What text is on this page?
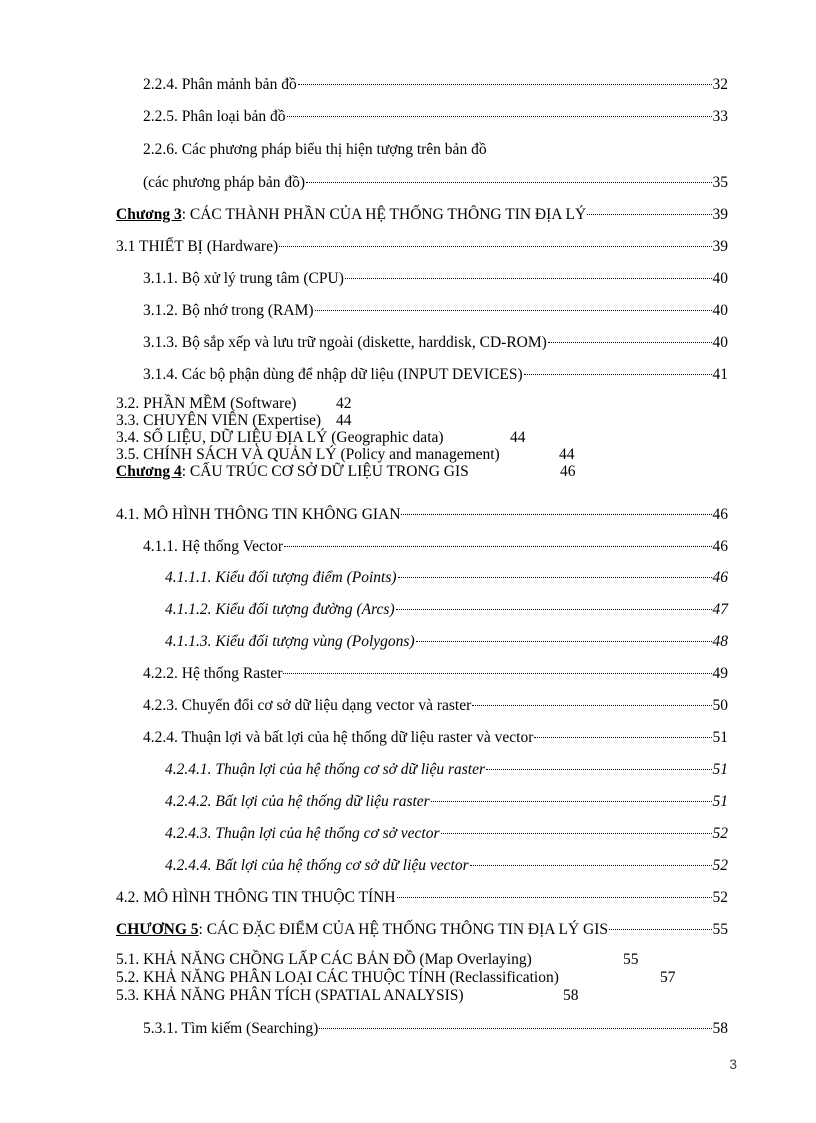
2.2.4. Phân mảnh bản đồ	32
2.2.5. Phân loại bản đồ	33
2.2.6. Các phương pháp biểu thị hiện tượng trên bản đồ
(các phương pháp bản đồ)	35
Chương 3: CÁC THÀNH PHẦN CỦA HỆ THỐNG THÔNG TIN ĐỊA LÝ	39
3.1 THIẾT BỊ (Hardware)	39
3.1.1. Bộ xử lý trung tâm (CPU)	40
3.1.2. Bộ nhớ trong (RAM)	40
3.1.3. Bộ sắp xếp và lưu trữ ngoài (diskette, harddisk, CD-ROM)	40
3.1.4. Các bộ phận dùng để nhập dữ liệu (INPUT DEVICES)	41
3.2. PHẦN MỀM (Software)	42
3.3. CHUYÊN VIÊN (Expertise) 44
3.4. SỐ LIỆU, DỮ LIỆU ĐỊA LÝ (Geographic data)	44
3.5. CHÍNH SÁCH VÀ QUẢN LÝ (Policy and management)	44
Chương 4: CẤU TRÚC CƠ SỞ DỮ LIỆU TRONG GIS	46
4.1. MÔ HÌNH THÔNG TIN KHÔNG GIAN	46
4.1.1. Hệ thống Vector	46
4.1.1.1. Kiểu đối tượng điểm (Points)	46
4.1.1.2. Kiểu đối tượng đường (Arcs)	47
4.1.1.3. Kiểu đối tượng vùng (Polygons)	48
4.2.2. Hệ thống Raster	49
4.2.3. Chuyển đổi cơ sở dữ liệu dạng vector và raster	50
4.2.4. Thuận lợi và bất lợi của hệ thống dữ liệu raster và vector	51
4.2.4.1. Thuận lợi của hệ thống cơ sở dữ liệu raster	51
4.2.4.2. Bất lợi của hệ thống dữ liệu raster	51
4.2.4.3. Thuận lợi của hệ thống cơ sở vector	52
4.2.4.4. Bất lợi của hệ thống cơ sở dữ liệu vector	52
4.2. MÔ HÌNH THÔNG TIN THUỘC TÍNH	52
CHƯƠNG 5: CÁC ĐẶC ĐIỂM CỦA HỆ THỐNG THÔNG TIN ĐỊA LÝ GIS	55
5.1. KHẢ NĂNG CHỒNG LẤP CÁC BẢN ĐỒ (Map Overlaying)	55
5.2. KHẢ NĂNG PHÂN LOẠI CÁC THUỘC TÍNH (Reclassification)	57
5.3. KHẢ NĂNG PHÂN TÍCH (SPATIAL ANALYSIS)	58
5.3.1. Tìm kiếm (Searching)	58
3
